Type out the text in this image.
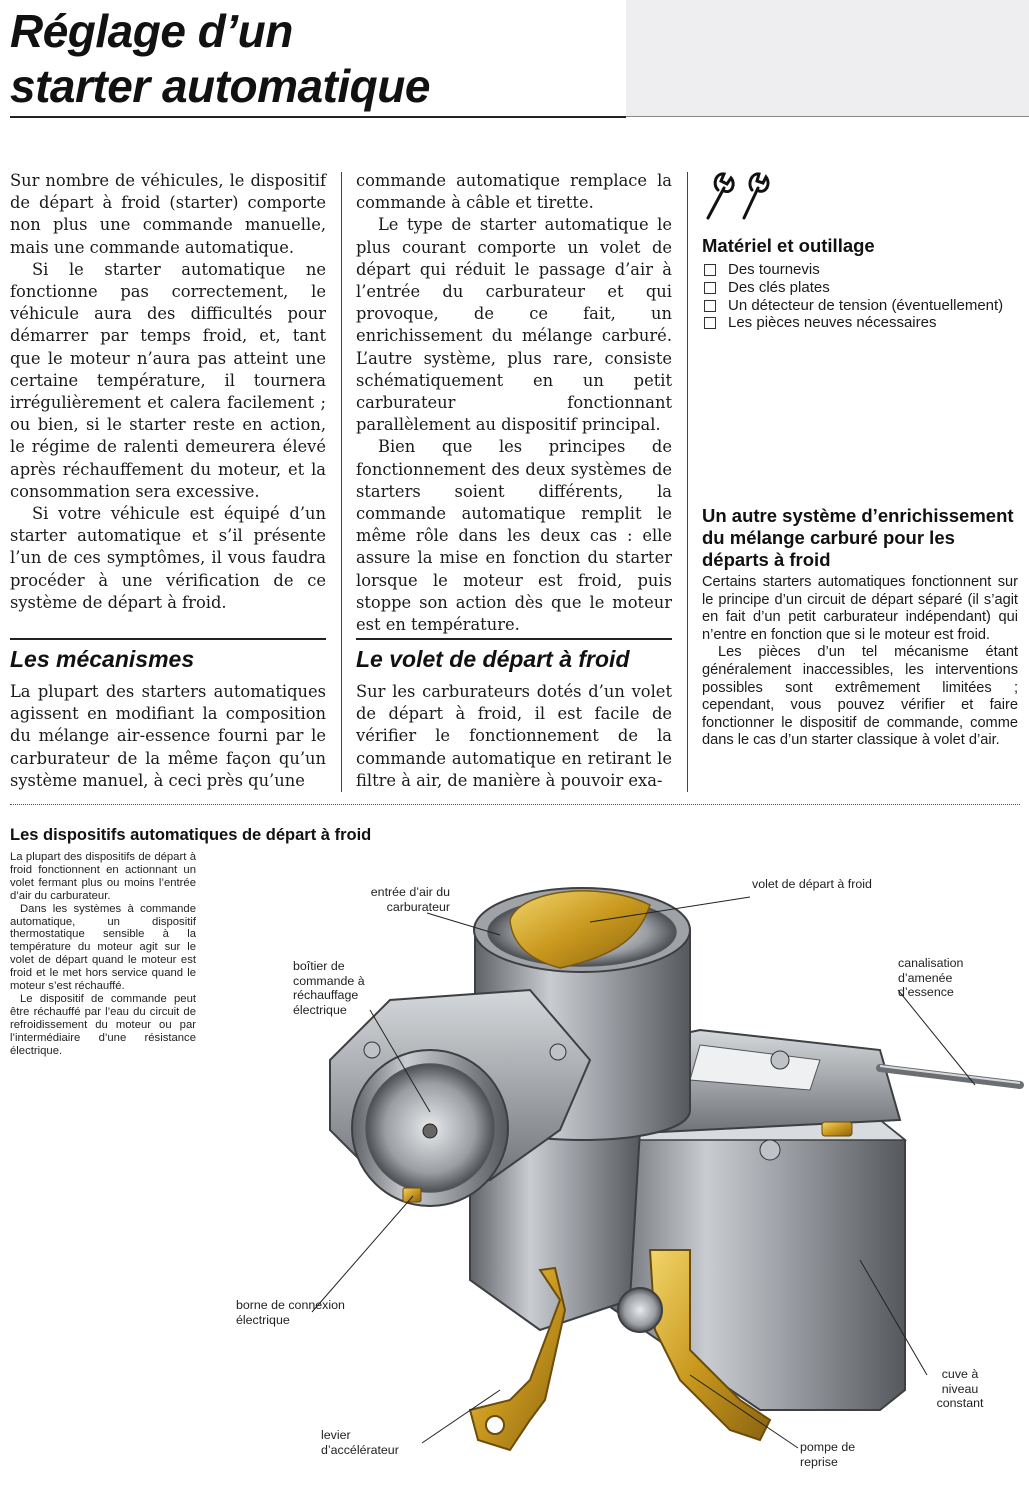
Réglage d’un
starter automatique

Sur nombre de véhicules, le dispositif de départ à froid (starter) comporte non plus une commande manuelle, mais une commande automatique.

Si le starter automatique ne fonctionne pas correctement, le véhicule aura des difficultés pour démarrer par temps froid, et, tant que le moteur n’aura pas atteint une certaine température, il tournera irrégulièrement et calera facilement ; ou bien, si le starter reste en action, le régime de ralenti demeurera élevé après réchauffement du moteur, et la consommation sera excessive.

Si votre véhicule est équipé d’un starter automatique et s’il présente l’un de ces symptômes, il vous faudra procéder à une vérification de ce système de départ à froid.

commande automatique remplace la commande à câble et tirette.

Le type de starter automatique le plus courant comporte un volet de départ qui réduit le passage d’air à l’entrée du carburateur et qui provoque, de ce fait, un enrichissement du mélange carburé. L’autre système, plus rare, consiste schématiquement en un petit carburateur fonctionnant parallèlement au dispositif principal.

Bien que les principes de fonctionnement des deux systèmes de starters soient différents, la commande automatique remplit le même rôle dans les deux cas : elle assure la mise en fonction du starter lorsque le moteur est froid, puis stoppe son action dès que le moteur est en température.

Les mécanismes

La plupart des starters automatiques agissent en modifiant la composition du mélange air-essence fourni par le carburateur de la même façon qu’un système manuel, à ceci près qu’une

Le volet de départ à froid

Sur les carburateurs dotés d’un volet de départ à froid, il est facile de vérifier le fonctionnement de la commande automatique en retirant le filtre à air, de manière à pouvoir exa-

Matériel et outillage
Des tournevis
Des clés plates
Un détecteur de tension (éventuellement)
Les pièces neuves nécessaires
Un autre système d’enrichissement du mélange carburé pour les départs à froid
Certains starters automatiques fonctionnent sur le principe d’un circuit de départ séparé (il s’agit en fait d’un petit carburateur indépendant) qui n’entre en fonction que si le moteur est froid.
Les pièces d’un tel mécanisme étant généralement inaccessibles, les interventions possibles sont extrêmement limitées ; cependant, vous pouvez vérifier et faire fonctionner le dispositif de commande, comme dans le cas d’un starter classique à volet d’air.
Les dispositifs automatiques de départ à froid

La plupart des dispositifs de départ à froid fonctionnent en actionnant un volet fermant plus ou moins l’entrée d’air du carburateur.

Dans les systèmes à commande automatique, un dispositif thermostatique sensible à la température du moteur agit sur le volet de départ quand le moteur est froid et le met hors service quand le moteur s’est réchauffé.

Le dispositif de commande peut être réchauffé par l’eau du circuit de refroidissement du moteur ou par l’intermédiaire d’une résistance électrique.

entrée d’air du carburateur
volet de départ à froid
boîtier de commande à réchauffage électrique
canalisation d’amenée d’essence
borne de connexion électrique
cuve à niveau constant
levier d’accélérateur	pompe de reprise
